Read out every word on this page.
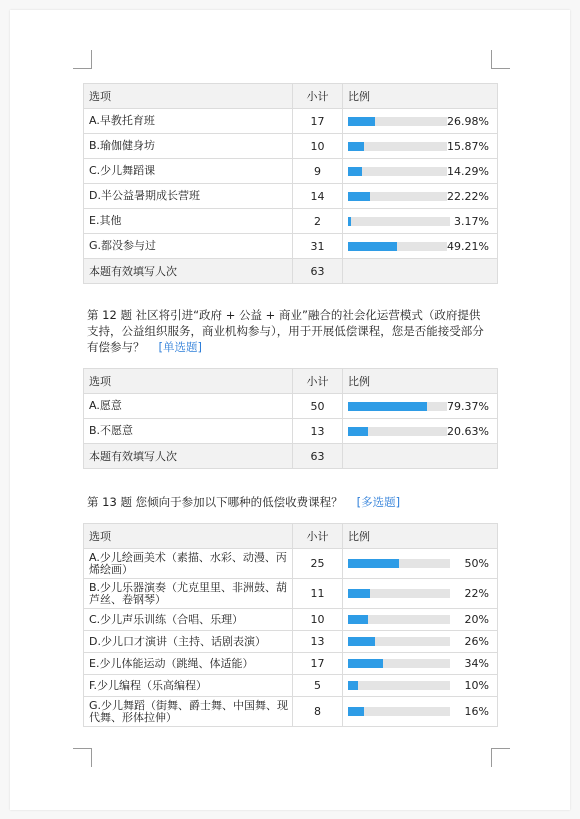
选项	小计	比例
A.早教托育班	17	26.98%

B.瑜伽健身坊	10	15.87%

C.少儿舞蹈课	9	14.29%

D.半公益暑期成长营班	14	22.22%

E.其他	2	3.17%

G.都没参与过	31	49.21%

本题有效填写人次	63	
第 12 题 社区将引进“政府 + 公益 + 商业”融合的社会化运营模式（政府提供支持，公益组织服务，商业机构参与），用于开展低偿课程，您是否能接受部分有偿参与？ [单选题]
选项	小计	比例
A.愿意	50	79.37%

B.不愿意	13	20.63%

本题有效填写人次	63	
第 13 题 您倾向于参加以下哪种的低偿收费课程？ [多选题]
选项	小计	比例
A.少儿绘画美术（素描、水彩、动漫、丙烯绘画）	25	50%

B.少儿乐器演奏（尤克里里、非洲鼓、葫芦丝、卷钢琴）	11	22%

C.少儿声乐训练（合唱、乐理）	10	20%

D.少儿口才演讲（主持、话剧表演）	13	26%

E.少儿体能运动（跳绳、体适能）	17	34%

F.少儿编程（乐高编程）	5	10%

G.少儿舞蹈（街舞、爵士舞、中国舞、现代舞、形体拉伸）	8	16%
